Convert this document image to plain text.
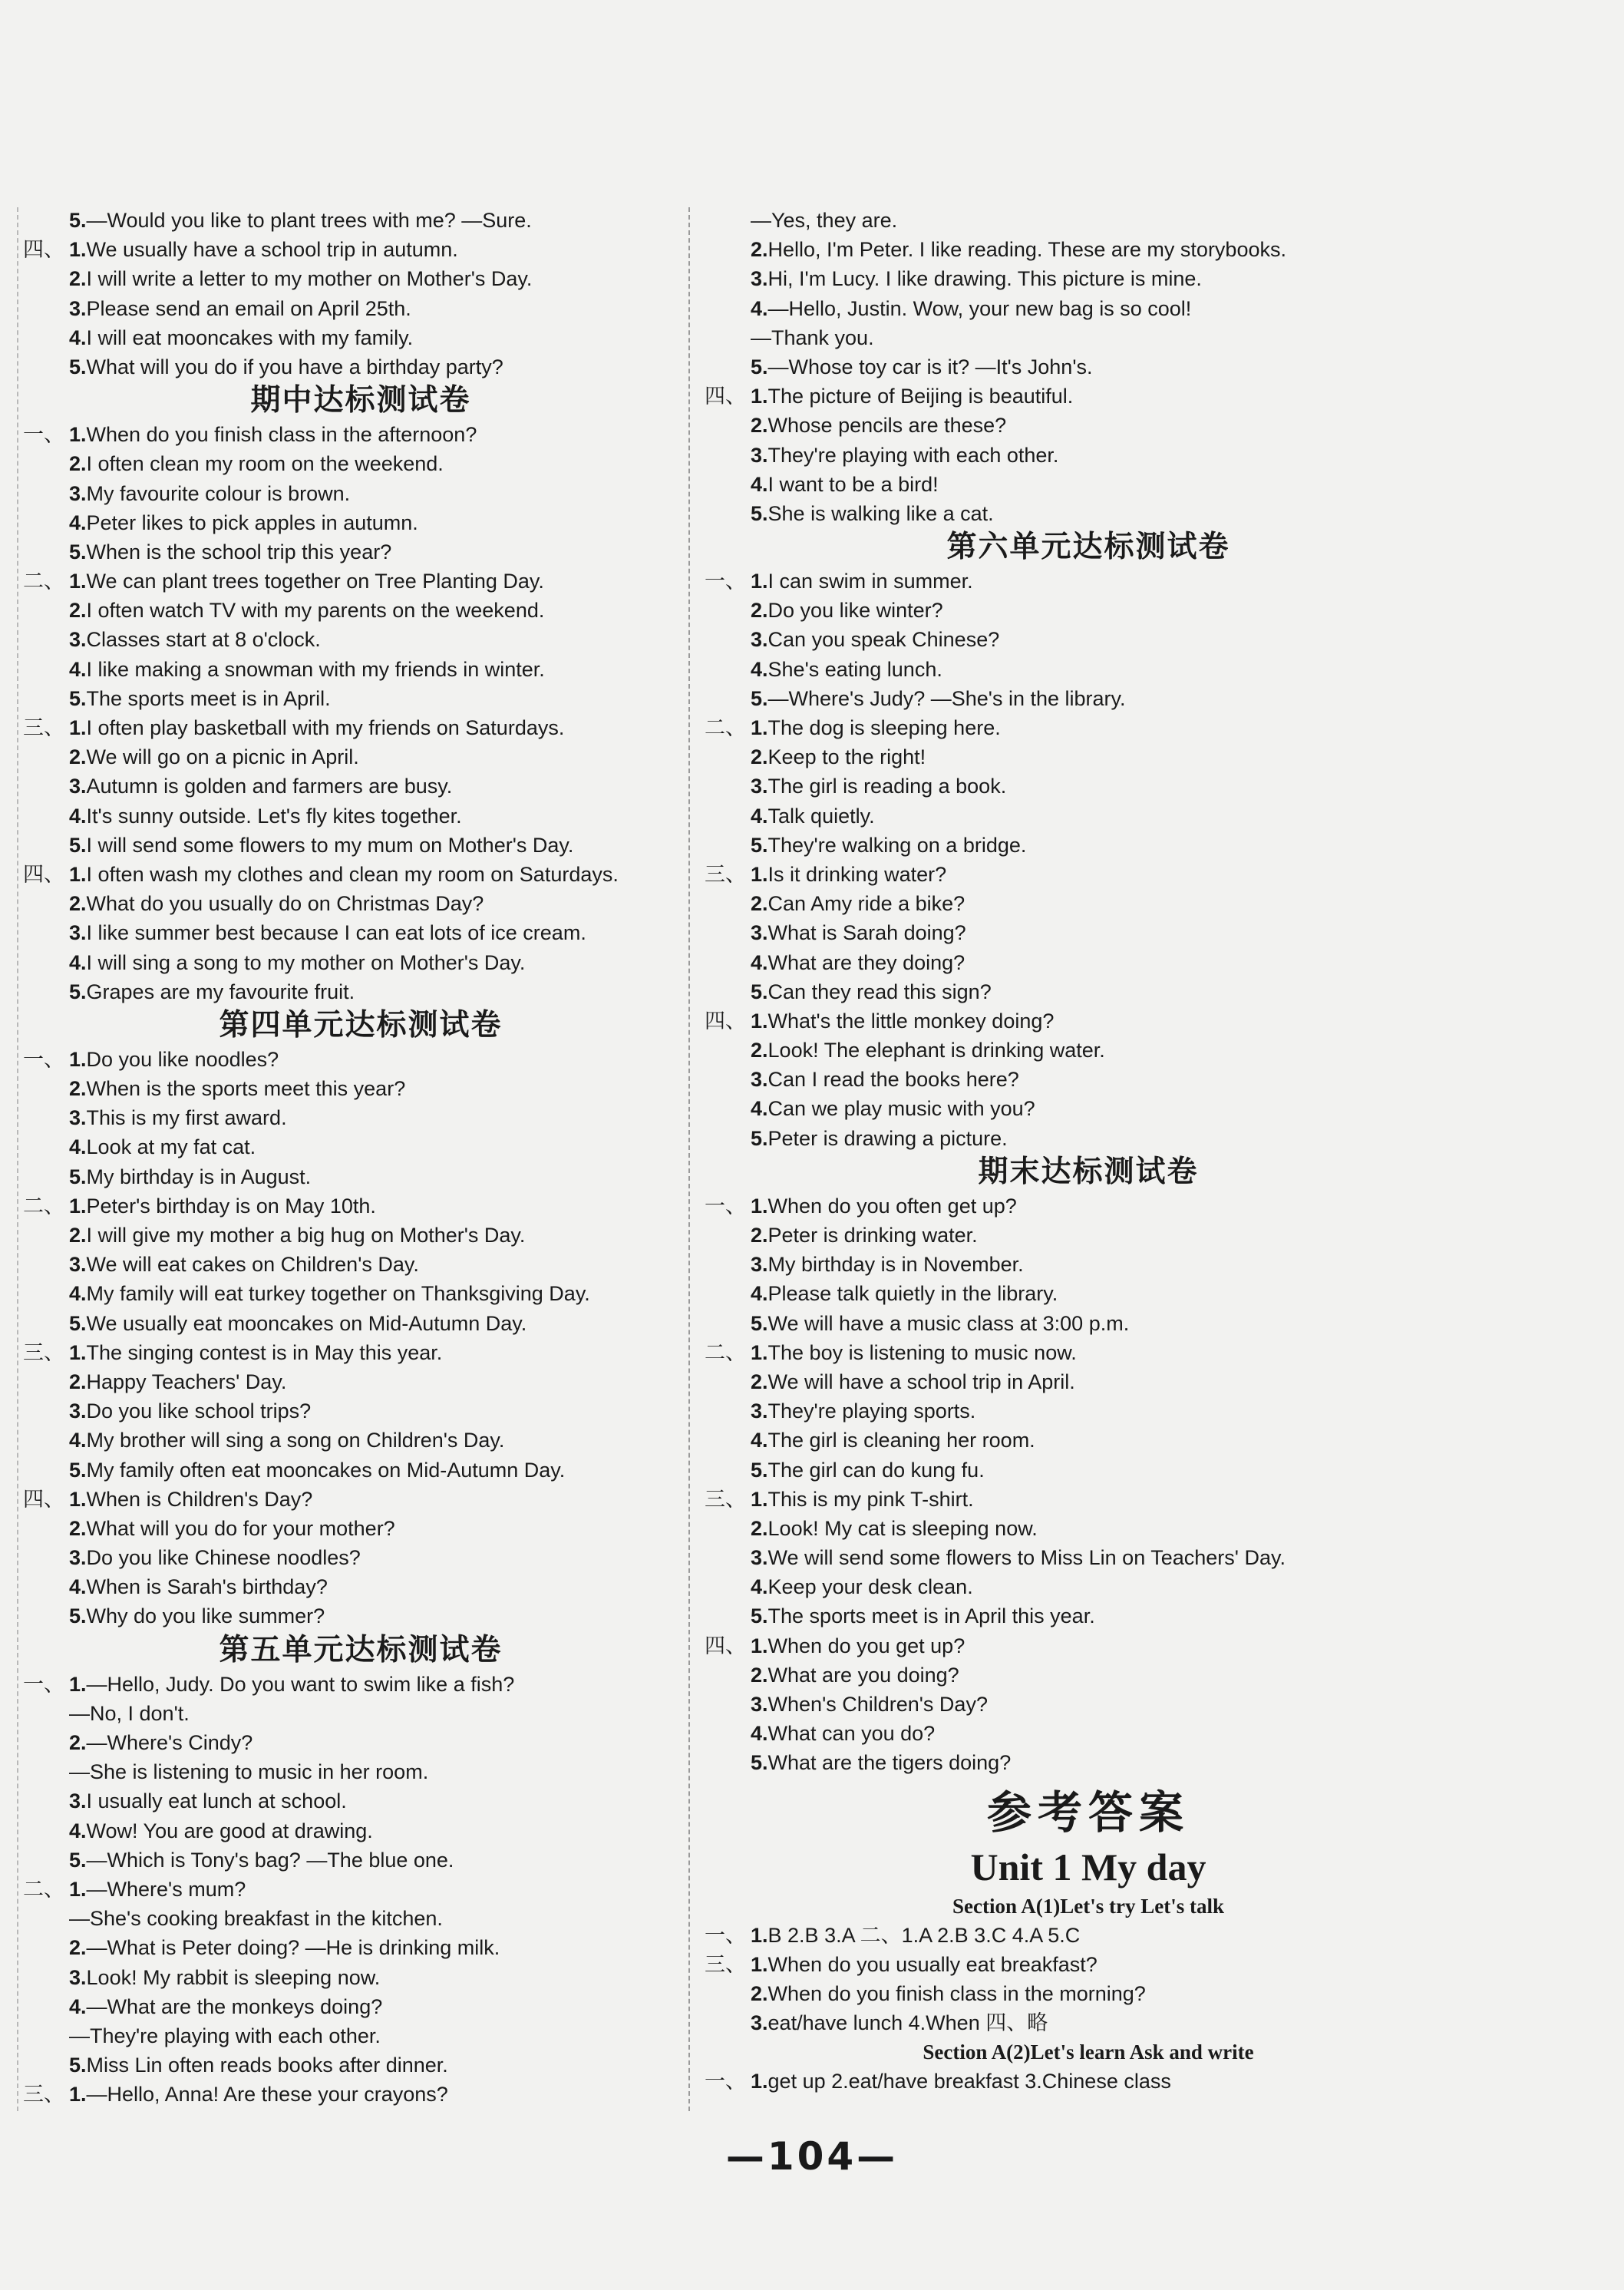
5.—Would you like to plant trees with me? —Sure.
四、 1.We usually have a school trip in autumn.
2.I will write a letter to my mother on Mother's Day.
3.Please send an email on April 25th.
4.I will eat mooncakes with my family.
5.What will you do if you have a birthday party?
期中达标测试卷
一、 1.When do you finish class in the afternoon?
2.I often clean my room on the weekend.
3.My favourite colour is brown.
4.Peter likes to pick apples in autumn.
5.When is the school trip this year?
二、 1.We can plant trees together on Tree Planting Day.
2.I often watch TV with my parents on the weekend.
3.Classes start at 8 o'clock.
4.I like making a snowman with my friends in winter.
5.The sports meet is in April.
三、 1.I often play basketball with my friends on Saturdays.
2.We will go on a picnic in April.
3.Autumn is golden and farmers are busy.
4.It's sunny outside. Let's fly kites together.
5.I will send some flowers to my mum on Mother's Day.
四、 1.I often wash my clothes and clean my room on Saturdays.
2.What do you usually do on Christmas Day?
3.I like summer best because I can eat lots of ice cream.
4.I will sing a song to my mother on Mother's Day.
5.Grapes are my favourite fruit.
第四单元达标测试卷
一、 1.Do you like noodles?
2.When is the sports meet this year?
3.This is my first award.
4.Look at my fat cat.
5.My birthday is in August.
二、 1.Peter's birthday is on May 10th.
2.I will give my mother a big hug on Mother's Day.
3.We will eat cakes on Children's Day.
4.My family will eat turkey together on Thanksgiving Day.
5.We usually eat mooncakes on Mid-Autumn Day.
三、 1.The singing contest is in May this year.
2.Happy Teachers' Day.
3.Do you like school trips?
4.My brother will sing a song on Children's Day.
5.My family often eat mooncakes on Mid-Autumn Day.
四、 1.When is Children's Day?
2.What will you do for your mother?
3.Do you like Chinese noodles?
4.When is Sarah's birthday?
5.Why do you like summer?
第五单元达标测试卷
一、 1.—Hello, Judy. Do you want to swim like a fish?
—No, I don't.
2.—Where's Cindy?
—She is listening to music in her room.
3.I usually eat lunch at school.
4.Wow! You are good at drawing.
5.—Which is Tony's bag? —The blue one.
二、 1.—Where's mum?
—She's cooking breakfast in the kitchen.
2.—What is Peter doing? —He is drinking milk.
3.Look! My rabbit is sleeping now.
4.—What are the monkeys doing?
—They're playing with each other.
5.Miss Lin often reads books after dinner.
三、 1.—Hello, Anna! Are these your crayons?
—Yes, they are.
2.Hello, I'm Peter. I like reading. These are my storybooks.
3.Hi, I'm Lucy. I like drawing. This picture is mine.
4.—Hello, Justin. Wow, your new bag is so cool!
—Thank you.
5.—Whose toy car is it? —It's John's.
四、 1.The picture of Beijing is beautiful.
2.Whose pencils are these?
3.They're playing with each other.
4.I want to be a bird!
5.She is walking like a cat.
第六单元达标测试卷
一、 1.I can swim in summer.
2.Do you like winter?
3.Can you speak Chinese?
4.She's eating lunch.
5.—Where's Judy? —She's in the library.
二、 1.The dog is sleeping here.
2.Keep to the right!
3.The girl is reading a book.
4.Talk quietly.
5.They're walking on a bridge.
三、 1.Is it drinking water?
2.Can Amy ride a bike?
3.What is Sarah doing?
4.What are they doing?
5.Can they read this sign?
四、 1.What's the little monkey doing?
2.Look! The elephant is drinking water.
3.Can I read the books here?
4.Can we play music with you?
5.Peter is drawing a picture.
期末达标测试卷
一、 1.When do you often get up?
2.Peter is drinking water.
3.My birthday is in November.
4.Please talk quietly in the library.
5.We will have a music class at 3:00 p.m.
二、 1.The boy is listening to music now.
2.We will have a school trip in April.
3.They're playing sports.
4.The girl is cleaning her room.
5.The girl can do kung fu.
三、 1.This is my pink T-shirt.
2.Look! My cat is sleeping now.
3.We will send some flowers to Miss Lin on Teachers' Day.
4.Keep your desk clean.
5.The sports meet is in April this year.
四、 1.When do you get up?
2.What are you doing?
3.When's Children's Day?
4.What can you do?
5.What are the tigers doing?
参考答案
Unit 1 My day
Section A(1)Let's try Let's talk
一、 1.B 2.B 3.A 二、1.A 2.B 3.C 4.A 5.C
三、 1.When do you usually eat breakfast?
2.When do you finish class in the morning?
3.eat/have lunch 4.When 四、略
Section A(2)Let's learn Ask and write
一、 1.get up 2.eat/have breakfast 3.Chinese class
—104—
